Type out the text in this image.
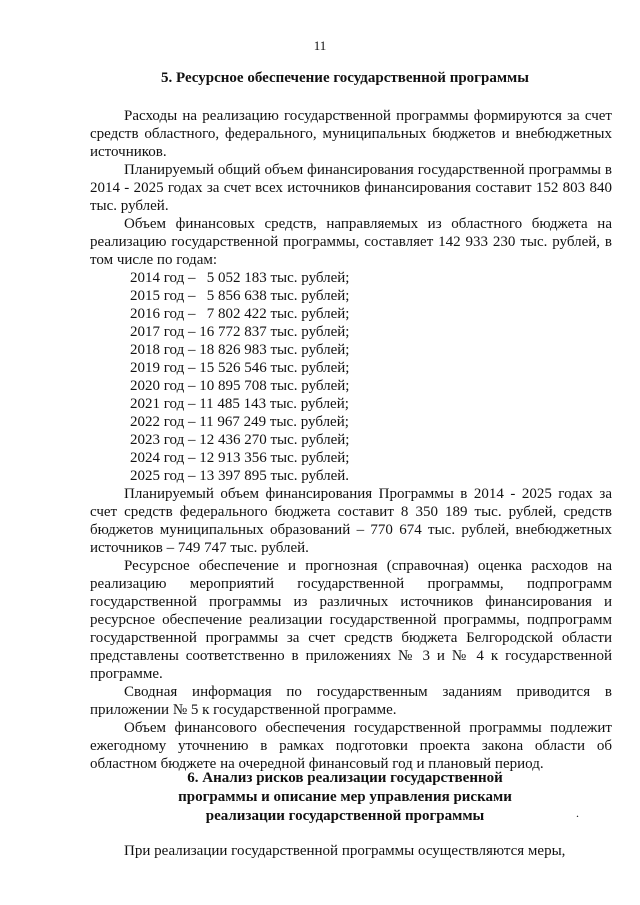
11
5. Ресурсное обеспечение государственной программы

Расходы на реализацию государственной программы формируются за счет средств областного, федерального, муниципальных бюджетов и внебюджетных источников.

Планируемый общий объем финансирования государственной программы в 2014 - 2025 годах за счет всех источников финансирования составит 152 803 840 тыс. рублей.

Объем финансовых средств, направляемых из областного бюджета на реализацию государственной программы, составляет 142 933 230 тыс. рублей, в том числе по годам:

2014 год –   5 052 183 тыс. рублей;
2015 год –   5 856 638 тыс. рублей;
2016 год –   7 802 422 тыс. рублей;
2017 год – 16 772 837 тыс. рублей;
2018 год – 18 826 983 тыс. рублей;
2019 год – 15 526 546 тыс. рублей;
2020 год – 10 895 708 тыс. рублей;
2021 год – 11 485 143 тыс. рублей;
2022 год – 11 967 249 тыс. рублей;
2023 год – 12 436 270 тыс. рублей;
2024 год – 12 913 356 тыс. рублей;
2025 год – 13 397 895 тыс. рублей.

Планируемый объем финансирования Программы в 2014 - 2025 годах за счет средств федерального бюджета составит 8 350 189 тыс. рублей, средств бюджетов муниципальных образований – 770 674 тыс. рублей, внебюджетных источников – 749 747 тыс. рублей.

Ресурсное обеспечение и прогнозная (справочная) оценка расходов на реализацию мероприятий государственной программы, подпрограмм государственной программы из различных источников финансирования и ресурсное обеспечение реализации государственной программы, подпрограмм государственной программы за счет средств бюджета Белгородской области представлены соответственно в приложениях № 3 и № 4 к государственной программе.

Сводная информация по государственным заданиям приводится в приложении № 5 к государственной программе.

Объем финансового обеспечения государственной программы подлежит ежегодному уточнению в рамках подготовки проекта закона области об областном бюджете на очередной финансовый год и плановый период.

6. Анализ рисков реализации государственной
программы и описание мер управления рисками
реализации государственной программы	.

При реализации государственной программы осуществляются меры,
